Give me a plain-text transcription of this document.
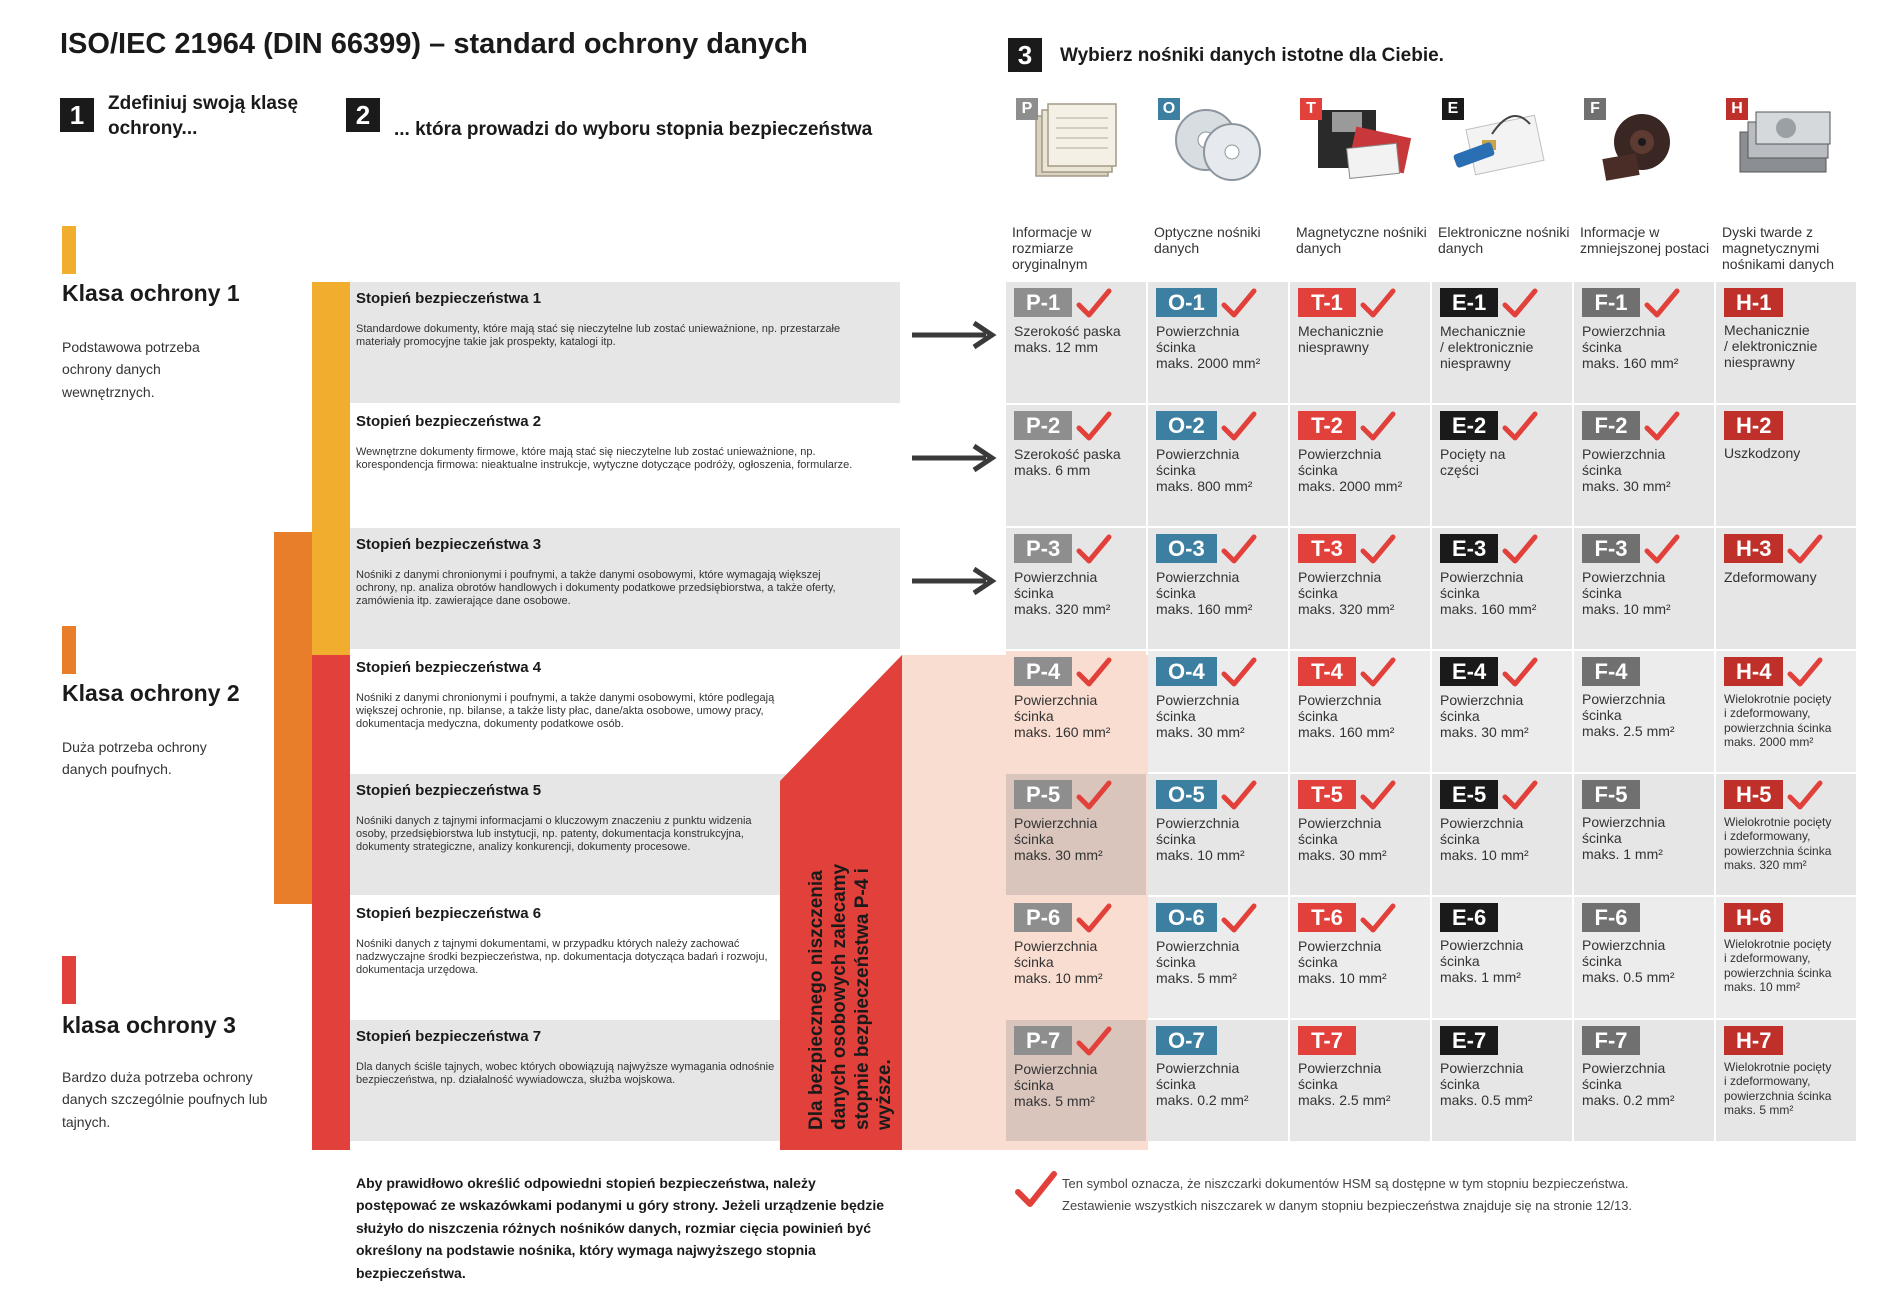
ISO/IEC 21964 (DIN 66399) – standard ochrony danych
1	Zdefiniuj swoją klasę ochrony...	2	... która prowadzi do wyboru stopnia bezpieczeństwa
3	Wybierz nośniki danych istotne dla Ciebie.
Klasa ochrony 1
Podstawowa potrzeba ochrony danych wewnętrznych.
Klasa ochrony 2
Duża potrzeba ochrony danych poufnych.
klasa ochrony 3
Bardzo duża potrzeba ochrony danych szczególnie poufnych lub tajnych.
Stopień bezpieczeństwa 1
Standardowe dokumenty, które mają stać się nieczytelne lub zostać unieważnione, np. przestarzałe materiały promocyjne takie jak prospekty, katalogi itp.
Stopień bezpieczeństwa 2
Wewnętrzne dokumenty firmowe, które mają stać się nieczytelne lub zostać unieważnione, np. korespondencja firmowa: nieaktualne instrukcje, wytyczne dotyczące podróży, ogłoszenia, formularze.
Stopień bezpieczeństwa 3
Nośniki z danymi chronionymi i poufnymi, a także danymi osobowymi, które wymagają większej ochrony, np. analiza obrotów handlowych i dokumenty podatkowe przedsiębiorstwa, a także oferty, zamówienia itp. zawierające dane osobowe.
Stopień bezpieczeństwa 4
Nośniki z danymi chronionymi i poufnymi, a także danymi osobowymi, które podlegają większej ochronie, np. bilanse, a także listy płac, dane/akta osobowe, umowy pracy, dokumentacja medyczna, dokumenty podatkowe osób.
Stopień bezpieczeństwa 5
Nośniki danych z tajnymi informacjami o kluczowym znaczeniu z punktu widzenia osoby, przedsiębiorstwa lub instytucji, np. patenty, dokumentacja konstrukcyjna, dokumenty strategiczne, analizy konkurencji, dokumenty procesowe.
Stopień bezpieczeństwa 6
Nośniki danych z tajnymi dokumentami, w przypadku których należy zachować nadzwyczajne środki bezpieczeństwa, np. dokumentacja dotycząca badań i rozwoju, dokumentacja urzędowa.
Stopień bezpieczeństwa 7
Dla danych ściśle tajnych, wobec których obowiązują najwyższe wymagania odnośnie bezpieczeństwa, np. działalność wywiadowcza, służba wojskowa.	Dla bezpiecznego niszczenia danych osobowych zalecamy stopnie bezpieczeństwa P-4 i wyższe.
P
Informacje w rozmiarze oryginalnym
O
Optyczne nośniki danych
T
Magnetyczne nośniki danych
E
Elektroniczne nośniki danych
F
Informacje w zmniejszonej postaci
H
Dyski twarde z magnetycznymi nośnikami danych
P-1
Szerokość paska
maks. 12 mm
O-1
Powierzchnia
ścinka
maks. 2000 mm²
T-1
Mechanicznie
niesprawny
E-1
Mechanicznie
/ elektronicznie
niesprawny
F-1
Powierzchnia
ścinka
maks. 160 mm²
H-1
Mechanicznie
/ elektronicznie
niesprawny
P-2
Szerokość paska
maks. 6 mm
O-2
Powierzchnia
ścinka
maks. 800 mm²
T-2
Powierzchnia
ścinka
maks. 2000 mm²
E-2
Pocięty na
części
F-2
Powierzchnia
ścinka
maks. 30 mm²
H-2
Uszkodzony
P-3
Powierzchnia
ścinka
maks. 320 mm²
O-3
Powierzchnia
ścinka
maks. 160 mm²
T-3
Powierzchnia
ścinka
maks. 320 mm²
E-3
Powierzchnia
ścinka
maks. 160 mm²
F-3
Powierzchnia
ścinka
maks. 10 mm²
H-3
Zdeformowany
P-4
Powierzchnia
ścinka
maks. 160 mm²
O-4
Powierzchnia
ścinka
maks. 30 mm²
T-4
Powierzchnia
ścinka
maks. 160 mm²
E-4
Powierzchnia
ścinka
maks. 30 mm²
F-4
Powierzchnia
ścinka
maks. 2.5 mm²
H-4
Wielokrotnie pocięty
i zdeformowany,
powierzchnia ścinka
maks. 2000 mm²
P-5
Powierzchnia
ścinka
maks. 30 mm²
O-5
Powierzchnia
ścinka
maks. 10 mm²
T-5
Powierzchnia
ścinka
maks. 30 mm²
E-5
Powierzchnia
ścinka
maks. 10 mm²
F-5
Powierzchnia
ścinka
maks. 1 mm²
H-5
Wielokrotnie pocięty
i zdeformowany,
powierzchnia ścinka
maks. 320 mm²
P-6
Powierzchnia
ścinka
maks. 10 mm²
O-6
Powierzchnia
ścinka
maks. 5 mm²
T-6
Powierzchnia
ścinka
maks. 10 mm²
E-6
Powierzchnia
ścinka
maks. 1 mm²
F-6
Powierzchnia
ścinka
maks. 0.5 mm²
H-6
Wielokrotnie pocięty
i zdeformowany,
powierzchnia ścinka
maks. 10 mm²
P-7
Powierzchnia
ścinka
maks. 5 mm²
O-7
Powierzchnia
ścinka
maks. 0.2 mm²
T-7
Powierzchnia
ścinka
maks. 2.5 mm²
E-7
Powierzchnia
ścinka
maks. 0.5 mm²
F-7
Powierzchnia
ścinka
maks. 0.2 mm²
H-7
Wielokrotnie pocięty
i zdeformowany,
powierzchnia ścinka
maks. 5 mm²
Aby prawidłowo określić odpowiedni stopień bezpieczeństwa, należy postępować ze wskazówkami podanymi u góry strony. Jeżeli urządzenie będzie służyło do niszczenia różnych nośników danych, rozmiar cięcia powinień być określony na podstawie nośnika, który wymaga najwyższego stopnia bezpieczeństwa.
Ten symbol oznacza, że niszczarki dokumentów HSM są dostępne w tym stopniu bezpieczeństwa.
Zestawienie wszystkich niszczarek w danym stopniu bezpieczeństwa znajduje się na stronie 12/13.
